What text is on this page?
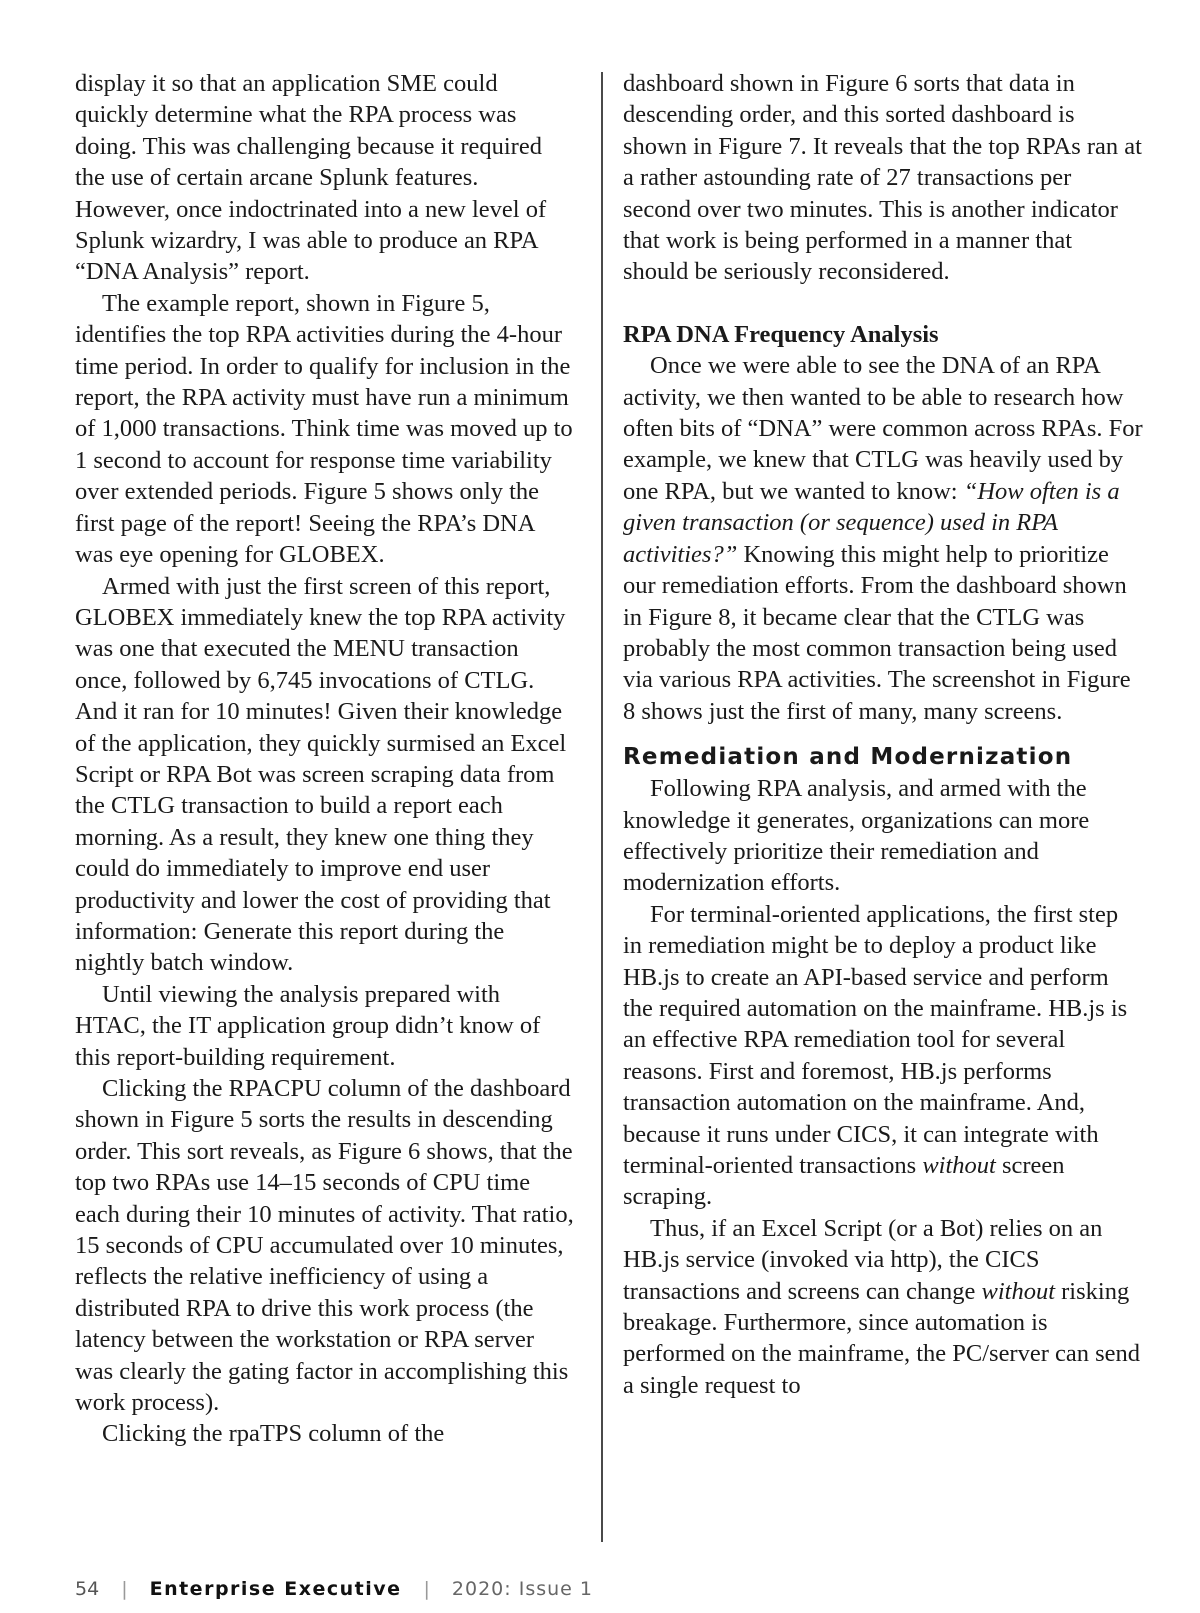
display it so that an application SME could quickly determine what the RPA process was doing. This was challenging because it required the use of certain arcane Splunk features. However, once indoctrinated into a new level of Splunk wizardry, I was able to produce an RPA “DNA Analysis” report.

The example report, shown in Figure 5, identifies the top RPA activities during the 4-hour time period. In order to qualify for inclusion in the report, the RPA activity must have run a minimum of 1,000 transactions. Think time was moved up to 1 second to account for response time variability over extended periods. Figure 5 shows only the first page of the report! Seeing the RPA’s DNA was eye opening for GLOBEX.

Armed with just the first screen of this report, GLOBEX immediately knew the top RPA activity was one that executed the MENU transaction once, followed by 6,745 invocations of CTLG. And it ran for 10 minutes! Given their knowledge of the application, they quickly surmised an Excel Script or RPA Bot was screen scraping data from the CTLG transaction to build a report each morning. As a result, they knew one thing they could do immediately to improve end user productivity and lower the cost of providing that information: Generate this report during the nightly batch window.

Until viewing the analysis prepared with HTAC, the IT application group didn’t know of this report-building requirement.

Clicking the RPACPU column of the dashboard shown in Figure 5 sorts the results in descending order. This sort reveals, as Figure 6 shows, that the top two RPAs use 14–15 seconds of CPU time each during their 10 minutes of activity. That ratio, 15 seconds of CPU accumulated over 10 minutes, reflects the relative inefficiency of using a distributed RPA to drive this work process (the latency between the workstation or RPA server was clearly the gating factor in accomplishing this work process).

Clicking the rpaTPS column of the

dashboard shown in Figure 6 sorts that data in descending order, and this sorted dashboard is shown in Figure 7. It reveals that the top RPAs ran at a rather astounding rate of 27 transactions per second over two minutes. This is another indicator that work is being performed in a manner that should be seriously reconsidered.

RPA DNA Frequency Analysis

Once we were able to see the DNA of an RPA activity, we then wanted to be able to research how often bits of “DNA” were common across RPAs. For example, we knew that CTLG was heavily used by one RPA, but we wanted to know: “How often is a given transaction (or sequence) used in RPA activities?” Knowing this might help to prioritize our remediation efforts. From the dashboard shown in Figure 8, it became clear that the CTLG was probably the most common transaction being used via various RPA activities. The screenshot in Figure 8 shows just the first of many, many screens.

Remediation and Modernization

Following RPA analysis, and armed with the knowledge it generates, organizations can more effectively prioritize their remediation and modernization efforts.

For terminal-oriented applications, the first step in remediation might be to deploy a product like HB.js to create an API-based service and perform the required automation on the mainframe. HB.js is an effective RPA remediation tool for several reasons. First and foremost, HB.js performs transaction automation on the mainframe. And, because it runs under CICS, it can integrate with terminal-oriented transactions without screen scraping.

Thus, if an Excel Script (or a Bot) relies on an HB.js service (invoked via http), the CICS transactions and screens can change without risking breakage. Furthermore, since automation is performed on the mainframe, the PC/server can send a single request to

54 | Enterprise Executive | 2020: Issue 1
